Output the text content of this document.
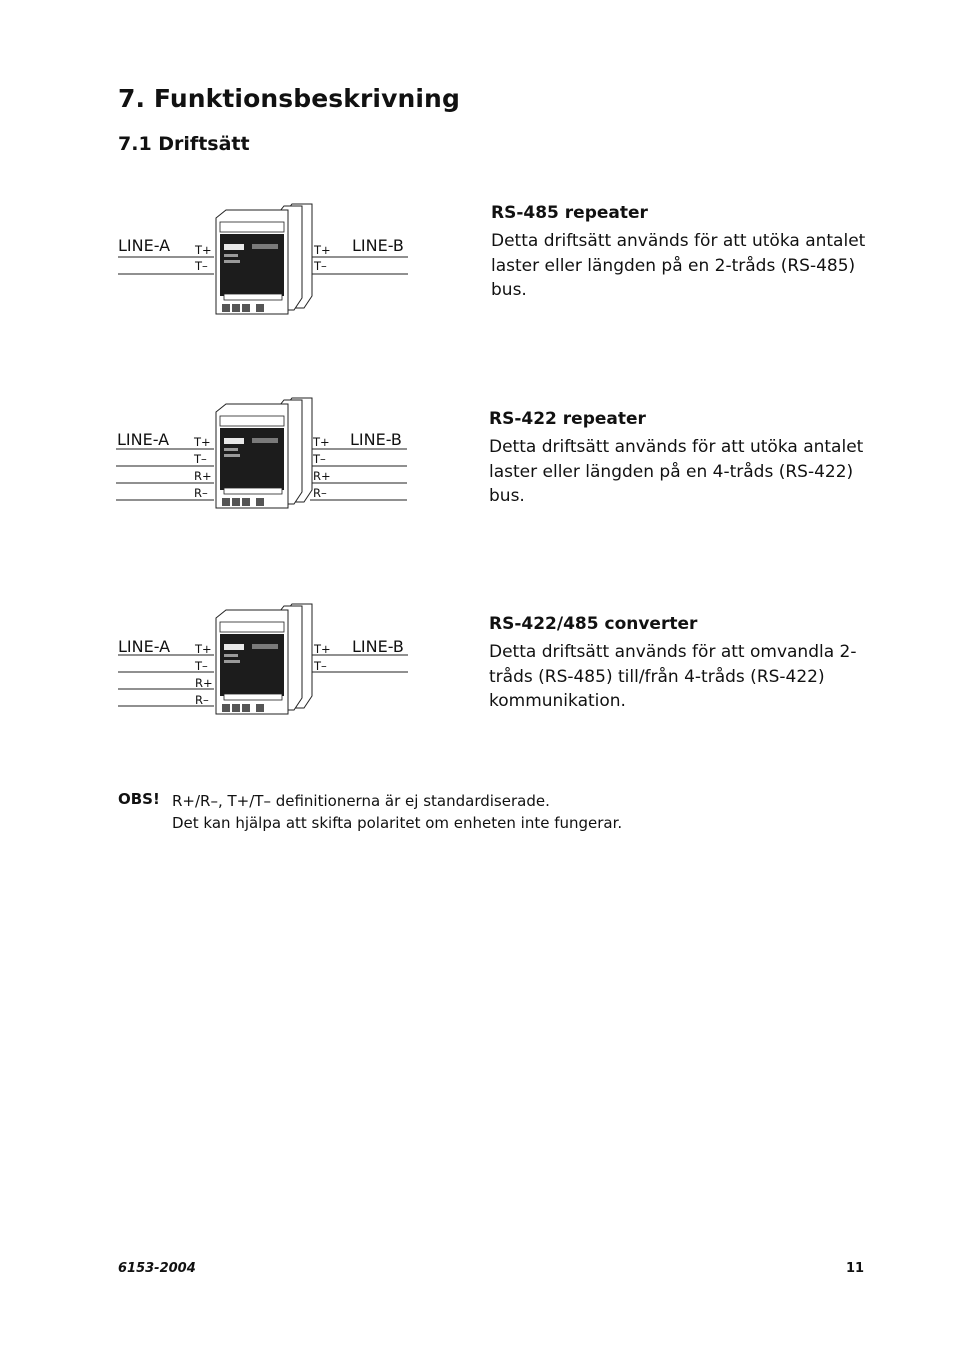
7. Funktionsbeskrivning
7.1 Driftsätt
LINE-A	LINE-B
T+
T–
T+
T–

RS-485 repeater

Detta driftsätt används för att utöka antalet laster eller längden på en 2-tråds (RS-485) bus.

LINE-A	LINE-B
T+
T–
R+
R–
T+
T–
R+
R–

RS-422 repeater

Detta driftsätt används för att utöka antalet laster eller längden på en 4-tråds (RS-422) bus.

LINE-A	LINE-B
T+
T–
R+
R–
T+
T–

RS-422/485 converter

Detta driftsätt används för att omvandla 2-tråds (RS-485) till/från 4-tråds (RS-422) kommunikation.

OBS! R+/R–, T+/T– definitionerna är ej standardiserade.
Det kan hjälpa att skifta polaritet om enheten inte fungerar.
6153-2004	11
